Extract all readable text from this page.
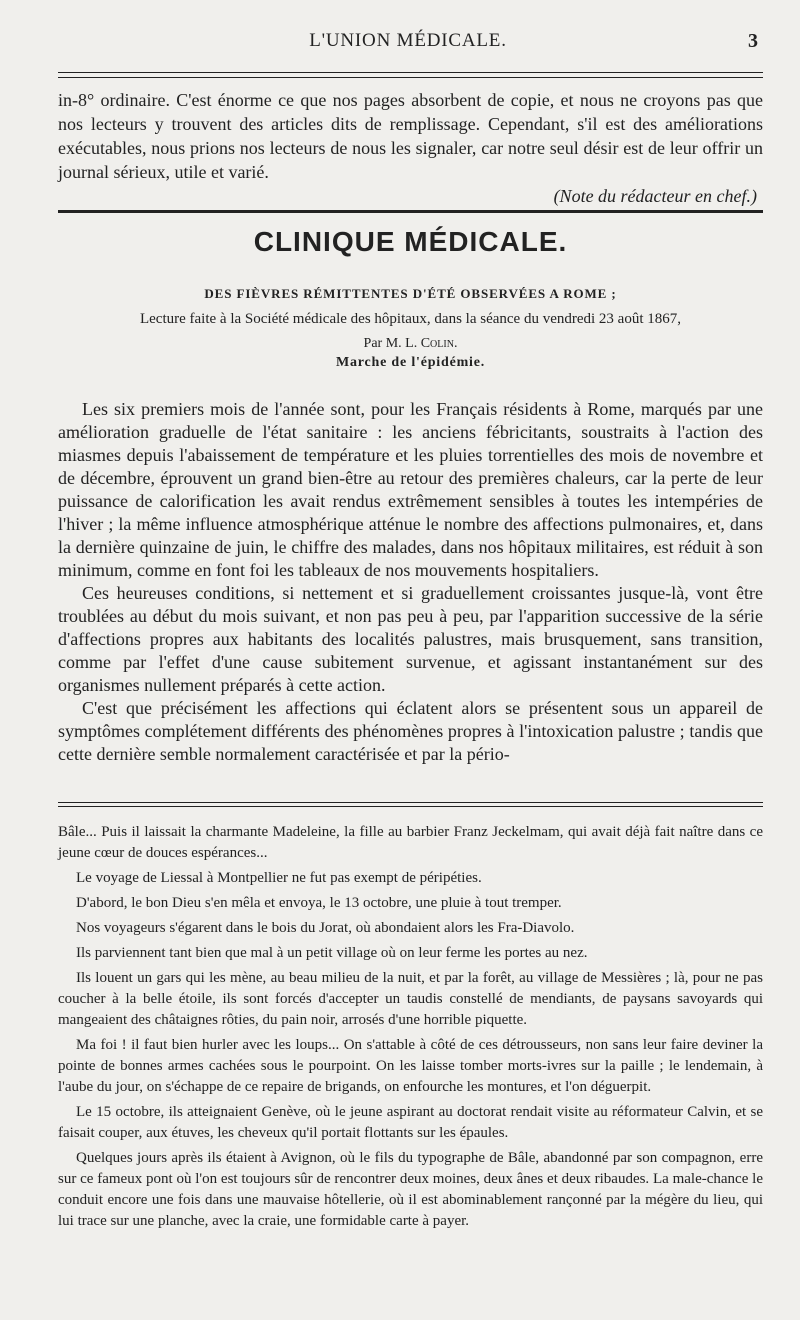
L'UNION MÉDICALE.	3

in-8° ordinaire. C'est énorme ce que nos pages absorbent de copie, et nous ne croyons pas que nos lecteurs y trouvent des articles dits de remplissage. Cependant, s'il est des améliorations exécutables, nous prions nos lecteurs de nous les signaler, car notre seul désir est de leur offrir un journal sérieux, utile et varié.

(Note du rédacteur en chef.)

CLINIQUE MÉDICALE.
DES FIÈVRES RÉMITTENTES D'ÉTÉ OBSERVÉES A ROME ;
Lecture faite à la Société médicale des hôpitaux, dans la séance du vendredi 23 août 1867,
Par M. L. Colin.
Marche de l'épidémie.

Les six premiers mois de l'année sont, pour les Français résidents à Rome, marqués par une amélioration graduelle de l'état sanitaire : les anciens fébricitants, soustraits à l'action des miasmes depuis l'abaissement de température et les pluies torrentielles des mois de novembre et de décembre, éprouvent un grand bien-être au retour des premières chaleurs, car la perte de leur puissance de calorification les avait rendus extrêmement sensibles à toutes les intempéries de l'hiver ; la même influence atmosphérique atténue le nombre des affections pulmonaires, et, dans la dernière quinzaine de juin, le chiffre des malades, dans nos hôpitaux militaires, est réduit à son minimum, comme en font foi les tableaux de nos mouvements hospitaliers.

Ces heureuses conditions, si nettement et si graduellement croissantes jusque-là, vont être troublées au début du mois suivant, et non pas peu à peu, par l'apparition successive de la série d'affections propres aux habitants des localités palustres, mais brusquement, sans transition, comme par l'effet d'une cause subitement survenue, et agissant instantanément sur des organismes nullement préparés à cette action.

C'est que précisément les affections qui éclatent alors se présentent sous un appareil de symptômes complétement différents des phénomènes propres à l'intoxication palustre ; tandis que cette dernière semble normalement caractérisée et par la pério-

Bâle... Puis il laissait la charmante Madeleine, la fille au barbier Franz Jeckelmam, qui avait déjà fait naître dans ce jeune cœur de douces espérances...

Le voyage de Liessal à Montpellier ne fut pas exempt de péripéties.

D'abord, le bon Dieu s'en mêla et envoya, le 13 octobre, une pluie à tout tremper.

Nos voyageurs s'égarent dans le bois du Jorat, où abondaient alors les Fra-Diavolo.

Ils parviennent tant bien que mal à un petit village où on leur ferme les portes au nez.

Ils louent un gars qui les mène, au beau milieu de la nuit, et par la forêt, au village de Messières ; là, pour ne pas coucher à la belle étoile, ils sont forcés d'accepter un taudis constellé de mendiants, de paysans savoyards qui mangeaient des châtaignes rôties, du pain noir, arrosés d'une horrible piquette.

Ma foi ! il faut bien hurler avec les loups... On s'attable à côté de ces détrousseurs, non sans leur faire deviner la pointe de bonnes armes cachées sous le pourpoint. On les laisse tomber morts-ivres sur la paille ; le lendemain, à l'aube du jour, on s'échappe de ce repaire de brigands, on enfourche les montures, et l'on déguerpit.

Le 15 octobre, ils atteignaient Genève, où le jeune aspirant au doctorat rendait visite au réformateur Calvin, et se faisait couper, aux étuves, les cheveux qu'il portait flottants sur les épaules.

Quelques jours après ils étaient à Avignon, où le fils du typographe de Bâle, abandonné par son compagnon, erre sur ce fameux pont où l'on est toujours sûr de rencontrer deux moines, deux ânes et deux ribaudes. La male-chance le conduit encore une fois dans une mauvaise hôtellerie, où il est abominablement rançonné par la mégère du lieu, qui lui trace sur une planche, avec la craie, une formidable carte à payer.
